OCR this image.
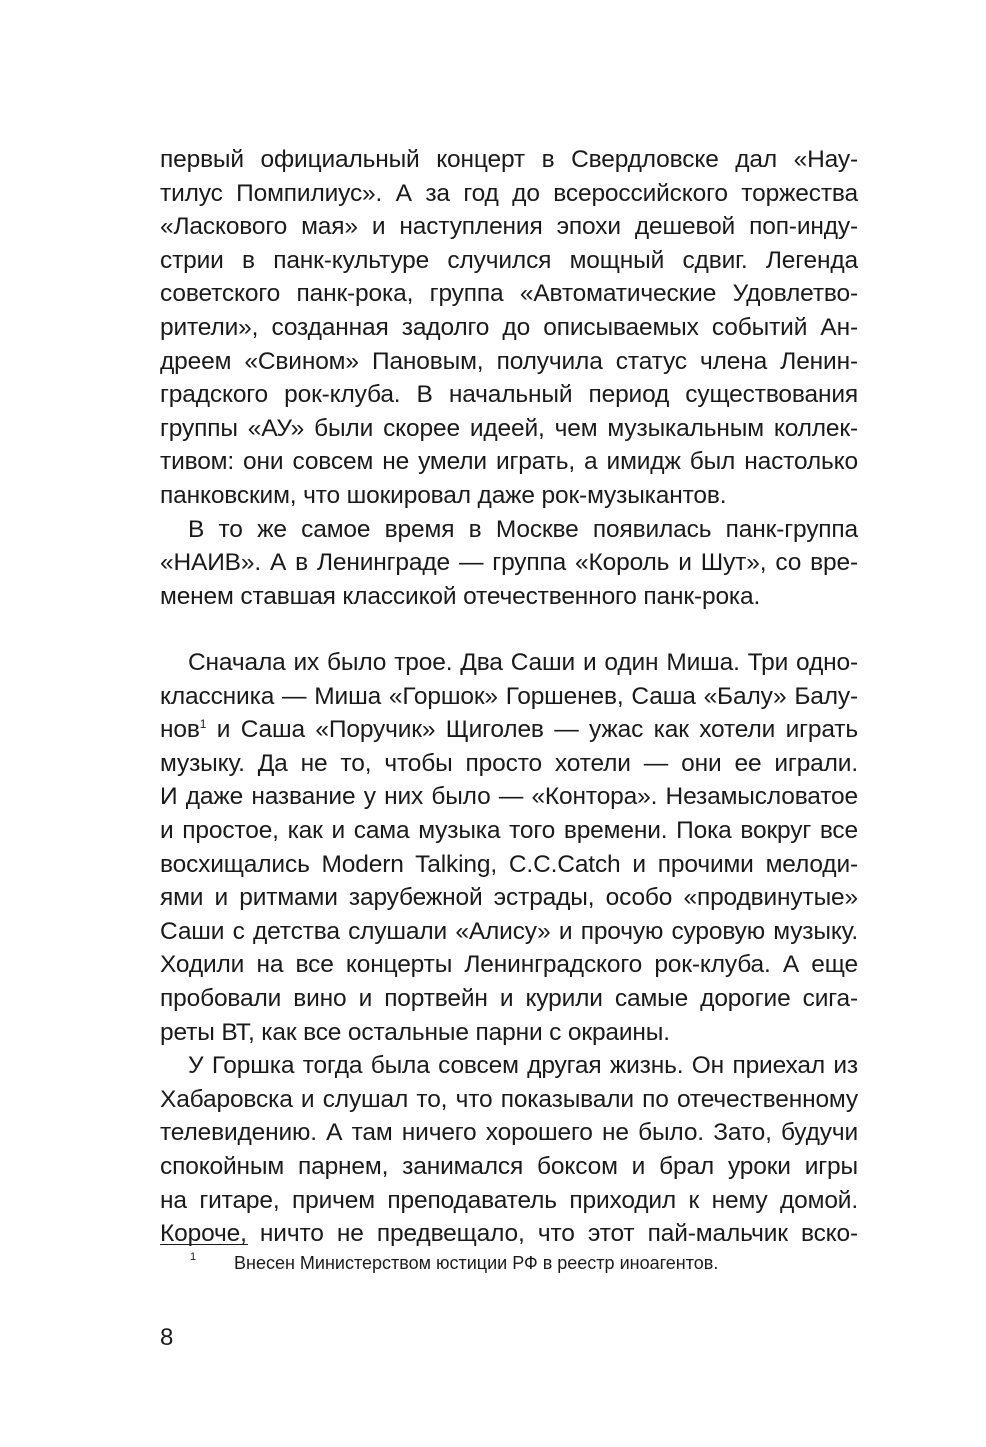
первый официальный концерт в Свердловске дал «Нау-
тилус Помпилиус». А за год до всероссийского торжества
«Ласкового мая» и наступления эпохи дешевой поп-инду-
стрии в панк-культуре случился мощный сдвиг. Легенда
советского панк-рока, группа «Автоматические Удовлетво-
рители», созданная задолго до описываемых событий Ан-
дреем «Свином» Пановым, получила статус члена Ленин-
градского рок-клуба. В начальный период существования
группы «АУ» были скорее идеей, чем музыкальным коллек-
тивом: они совсем не умели играть, а имидж был настолько
панковским, что шокировал даже рок-музыкантов.
В то же самое время в Москве появилась панк-группа
«НАИВ». А в Ленинграде — группа «Король и Шут», со вре-
менем ставшая классикой отечественного панк-рока.
Сначала их было трое. Два Саши и один Миша. Три одно-
классника — Миша «Горшок» Горшенев, Саша «Балу» Балу-
нов$^1$ и Саша «Поручик» Щиголев — ужас как хотели играть
музыку. Да не то, чтобы просто хотели — они ее играли.
И даже название у них было — «Контора». Незамысловатое
и простое, как и сама музыка того времени. Пока вокруг все
восхищались Modern Talking, C.C.Catch и прочими мелоди-
ями и ритмами зарубежной эстрады, особо «продвинутые»
Саши с детства слушали «Алису» и прочую суровую музыку.
Ходили на все концерты Ленинградского рок-клуба. А еще
пробовали вино и портвейн и курили самые дорогие сига-
реты ВТ, как все остальные парни с окраины.
У Горшка тогда была совсем другая жизнь. Он приехал из
Хабаровска и слушал то, что показывали по отечественному
телевидению. А там ничего хорошего не было. Зато, будучи
спокойным парнем, занимался боксом и брал уроки игры
на гитаре, причем преподаватель приходил к нему домой.
Короче, ничто не предвещало, что этот пай-мальчик вско-
1 Внесен Министерством юстиции РФ в реестр иноагентов.
8
